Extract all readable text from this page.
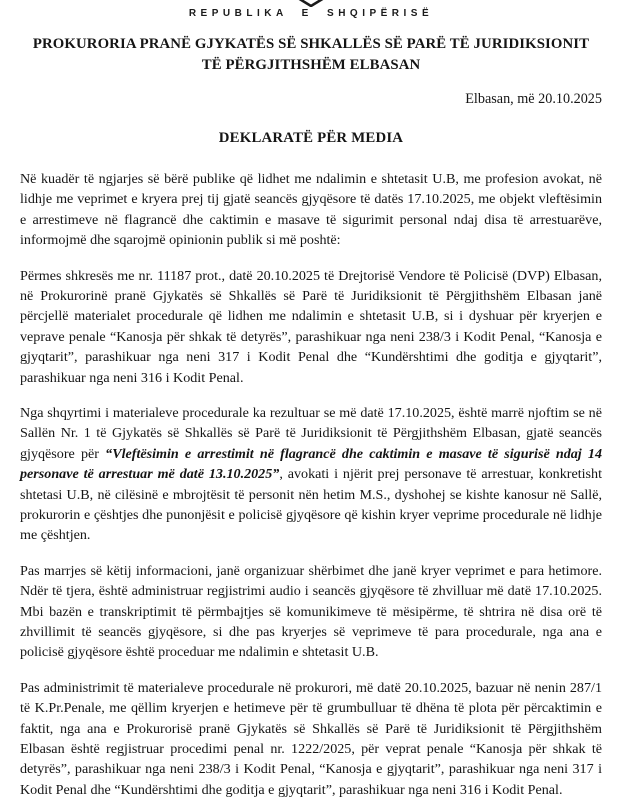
REPUBLIKA E SHQIPËRISË
PROKURORIA PRANË GJYKATËS SË SHKALLËS SË PARË TË JURIDIKSIONIT
TË PËRGJITHSHËM ELBASAN
Elbasan, më 20.10.2025
DEKLARATË PËR MEDIA

Në kuadër të ngjarjes së bërë publike që lidhet me ndalimin e shtetasit U.B, me profesion avokat, në lidhje me veprimet e kryera prej tij gjatë seancës gjyqësore të datës 17.10.2025, me objekt vleftësimin e arrestimeve në flagrancë dhe caktimin e masave të sigurimit personal ndaj disa të arrestuarëve, informojmë dhe sqarojmë opinionin publik si më poshtë:

Përmes shkresës me nr. 11187 prot., datë 20.10.2025 të Drejtorisë Vendore të Policisë (DVP) Elbasan, në Prokurorinë pranë Gjykatës së Shkallës së Parë të Juridiksionit të Përgjithshëm Elbasan janë përcjellë materialet procedurale që lidhen me ndalimin e shtetasit U.B, si i dyshuar për kryerjen e veprave penale “Kanosja për shkak të detyrës”, parashikuar nga neni 238/3 i Kodit Penal, “Kanosja e gjyqtarit”, parashikuar nga neni 317 i Kodit Penal dhe “Kundërshtimi dhe goditja e gjyqtarit”, parashikuar nga neni 316 i Kodit Penal.

Nga shqyrtimi i materialeve procedurale ka rezultuar se më datë 17.10.2025, është marrë njoftim se në Sallën Nr. 1 të Gjykatës së Shkallës së Parë të Juridiksionit të Përgjithshëm Elbasan, gjatë seancës gjyqësore për “Vleftësimin e arrestimit në flagrancë dhe caktimin e masave të sigurisë ndaj 14 personave të arrestuar më datë 13.10.2025”, avokati i njërit prej personave të arrestuar, konkretisht shtetasi U.B, në cilësinë e mbrojtësit të personit nën hetim M.S., dyshohej se kishte kanosur në Sallë, prokurorin e çështjes dhe punonjësit e policisë gjyqësore që kishin kryer veprime procedurale në lidhje me çështjen.

Pas marrjes së këtij informacioni, janë organizuar shërbimet dhe janë kryer veprimet e para hetimore. Ndër të tjera, është administruar regjistrimi audio i seancës gjyqësore të zhvilluar më datë 17.10.2025. Mbi bazën e transkriptimit të përmbajtjes së komunikimeve të mësipërme, të shtrira në disa orë të zhvillimit të seancës gjyqësore, si dhe pas kryerjes së veprimeve të para procedurale, nga ana e policisë gjyqësore është proceduar me ndalimin e shtetasit U.B.

Pas administrimit të materialeve procedurale në prokurori, më datë 20.10.2025, bazuar në nenin 287/1 të K.Pr.Penale, me qëllim kryerjen e hetimeve për të grumbulluar të dhëna të plota për përcaktimin e faktit, nga ana e Prokurorisë pranë Gjykatës së Shkallës së Parë të Juridiksionit të Përgjithshëm Elbasan është regjistruar procedimi penal nr. 1222/2025, për veprat penale “Kanosja për shkak të detyrës”, parashikuar nga neni 238/3 i Kodit Penal, “Kanosja e gjyqtarit”, parashikuar nga neni 317 i Kodit Penal dhe “Kundërshtimi dhe goditja e gjyqtarit”, parashikuar nga neni 316 i Kodit Penal.
